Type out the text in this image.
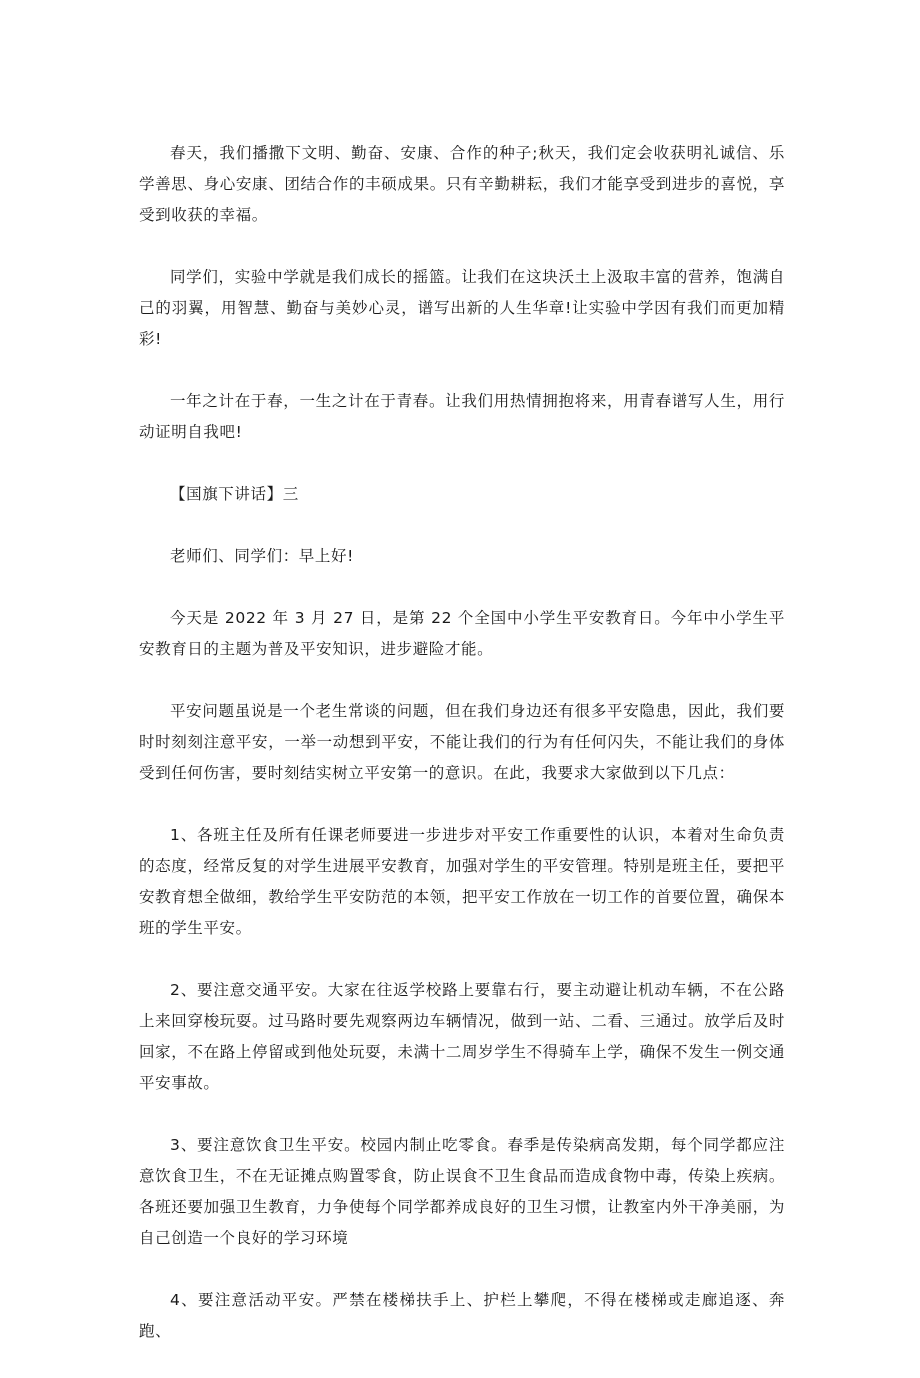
春天，我们播撒下文明、勤奋、安康、合作的种子;秋天，我们定会收获明礼诚信、乐学善思、身心安康、团结合作的丰硕成果。只有辛勤耕耘，我们才能享受到进步的喜悦，享受到收获的幸福。

同学们，实验中学就是我们成长的摇篮。让我们在这块沃土上汲取丰富的营养，饱满自己的羽翼，用智慧、勤奋与美妙心灵，谱写出新的人生华章!让实验中学因有我们而更加精彩!

一年之计在于春，一生之计在于青春。让我们用热情拥抱将来，用青春谱写人生，用行动证明自我吧!

【国旗下讲话】三

老师们、同学们：早上好!

今天是 2022 年 3 月 27 日，是第 22 个全国中小学生平安教育日。今年中小学生平安教育日的主题为普及平安知识，进步避险才能。

平安问题虽说是一个老生常谈的问题，但在我们身边还有很多平安隐患，因此，我们要时时刻刻注意平安，一举一动想到平安，不能让我们的行为有任何闪失，不能让我们的身体受到任何伤害，要时刻结实树立平安第一的意识。在此，我要求大家做到以下几点：

1、各班主任及所有任课老师要进一步进步对平安工作重要性的认识，本着对生命负责的态度，经常反复的对学生进展平安教育，加强对学生的平安管理。特别是班主任，要把平安教育想全做细，教给学生平安防范的本领，把平安工作放在一切工作的首要位置，确保本班的学生平安。

2、要注意交通平安。大家在往返学校路上要靠右行，要主动避让机动车辆，不在公路上来回穿梭玩耍。过马路时要先观察两边车辆情况，做到一站、二看、三通过。放学后及时回家，不在路上停留或到他处玩耍，未满十二周岁学生不得骑车上学，确保不发生一例交通平安事故。

3、要注意饮食卫生平安。校园内制止吃零食。春季是传染病高发期，每个同学都应注意饮食卫生，不在无证摊点购置零食，防止误食不卫生食品而造成食物中毒，传染上疾病。各班还要加强卫生教育，力争使每个同学都养成良好的卫生习惯，让教室内外干净美丽，为自己创造一个良好的学习环境

4、要注意活动平安。严禁在楼梯扶手上、护栏上攀爬，不得在楼梯或走廊追逐、奔跑、
